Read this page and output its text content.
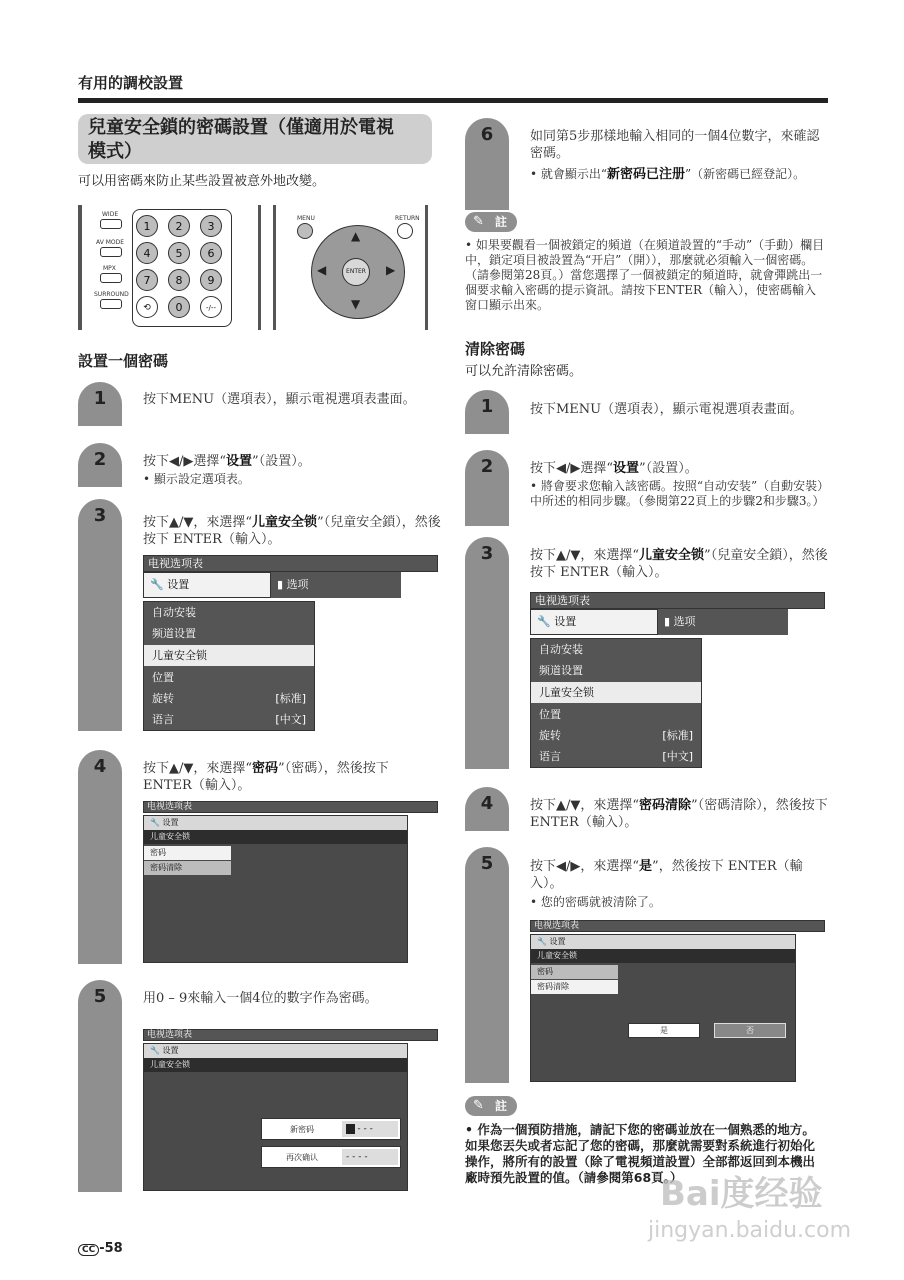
有用的調校設置
兒童安全鎖的密碼設置（僅適用於電視
模式）
可以用密碼來防止某些設置被意外地改變。
WIDE
AV MODE
MPX
SURROUND
1	2	3
4	5	6
7	8	9
⟲	0	-/--
MENU	RETURN
▲
▼
◀	▶
ENTER
設置一個密碼
1	按下MENU（選項表），顯示電視選項表畫面。
2	按下◀/▶選擇“设置”（設置）。
• 顯示設定選項表。
3	按下▲/▼，來選擇“儿童安全锁”（兒童安全鎖），然後按下 ENTER（輸入）。
电视选项表
🔧 设置	▮ 选项
自动安装
频道设置
儿童安全锁
位置
旋转	[标准]
语言	[中文]
4	按下▲/▼，來選擇“密码”（密碼），然後按下 ENTER（輸入）。
电视选项表
🔧 设置
儿童安全锁
密码
密码清除
5	用0 – 9來輸入一個4位的數字作為密碼。
电视选项表
🔧 设置
儿童安全锁
新密码	■ - - -
再次确认	- - - -
6	如同第5步那樣地輸入相同的一個4位數字，來確認密碼。
• 就會顯示出“新密码已注册”（新密碼已經登記）。
✎ 註
• 如果要觀看一個被鎖定的頻道（在頻道設置的“手动”（手動）欄目中，鎖定項目被設置為“开启”（開）），那麼就必須輸入一個密碼。（請參閱第28頁。）當您選擇了一個被鎖定的頻道時，就會彈跳出一個要求輸入密碼的提示資訊。請按下ENTER（輸入），使密碼輸入窗口顯示出來。
清除密碼
可以允許清除密碼。
1	按下MENU（選項表），顯示電視選項表畫面。
2	按下◀/▶選擇“设置”（設置）。
• 將會要求您輸入該密碼。按照“自动安装”（自動安裝）中所述的相同步驟。（參閱第22頁上的步驟2和步驟3。）
3	按下▲/▼，來選擇“儿童安全锁”（兒童安全鎖），然後按下 ENTER（輸入）。
电视选项表
🔧 设置	▮ 选项
自动安装
频道设置
儿童安全锁
位置
旋转	[标准]
语言	[中文]
4	按下▲/▼，來選擇“密码清除”（密碼清除），然後按下 ENTER（輸入）。
5	按下◀/▶，來選擇“是”，然後按下 ENTER（輸入）。
• 您的密碼就被清除了。
电视选项表
🔧 设置
儿童安全锁
密码
密码清除
是	否
✎ 註
• 作為一個預防措施，請記下您的密碼並放在一個熟悉的地方。如果您丟失或者忘記了您的密碼，那麼就需要對系統進行初始化操作，將所有的設置（除了電視頻道設置）全部都返回到本機出廠時預先設置的值。（請參閱第68頁。）
CC -58
Bai度经验
jingyan.baidu.com
